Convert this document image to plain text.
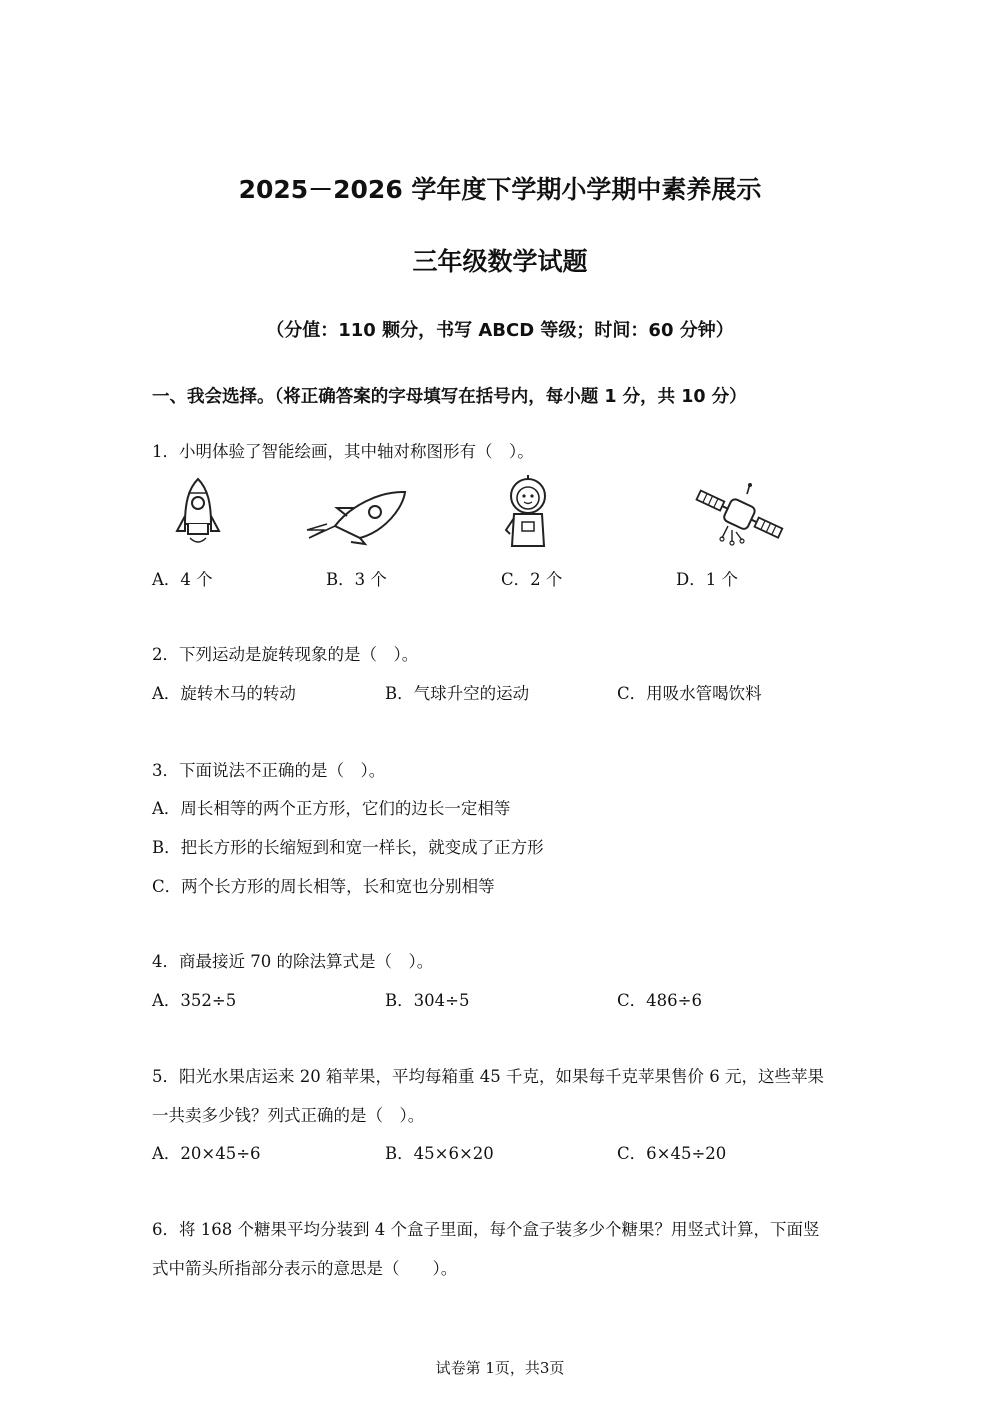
2025－2026 学年度下学期小学期中素养展示
三年级数学试题
（分值：110 颗分，书写 ABCD 等级；时间：60 分钟）
一、我会选择。（将正确答案的字母填写在括号内，每小题 1 分，共 10 分）
1．小明体验了智能绘画，其中轴对称图形有（　）。
A．4 个	B．3 个	C．2 个	D．1 个
2．下列运动是旋转现象的是（　）。
A．旋转木马的转动	B．气球升空的运动	C．用吸水管喝饮料
3．下面说法不正确的是（　）。
A．周长相等的两个正方形，它们的边长一定相等
B．把长方形的长缩短到和宽一样长，就变成了正方形
C．两个长方形的周长相等，长和宽也分别相等
4．商最接近 70 的除法算式是（　）。
A．352÷5	B．304÷5	C．486÷6
5．阳光水果店运来 20 箱苹果，平均每箱重 45 千克，如果每千克苹果售价 6 元，这些苹果
一共卖多少钱？列式正确的是（　）。
A．20×45÷6	B．45×6×20	C．6×45÷20
6．将 168 个糖果平均分装到 4 个盒子里面，每个盒子装多少个糖果？用竖式计算，下面竖
式中箭头所指部分表示的意思是（　　）。
试卷第 1页，共3页
